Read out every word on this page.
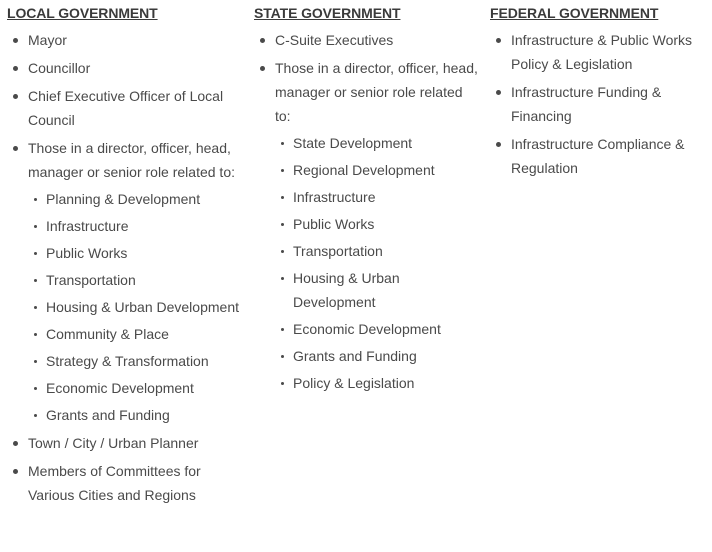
LOCAL GOVERNMENT
Mayor
Councillor
Chief Executive Officer of Local Council
Those in a director, officer, head, manager or senior role related to:
Planning & Development
Infrastructure
Public Works
Transportation
Housing & Urban Development
Community & Place
Strategy & Transformation
Economic Development
Grants and Funding
Town / City / Urban Planner
Members of Committees for Various Cities and Regions
STATE GOVERNMENT
C-Suite Executives
Those in a director, officer, head, manager or senior role related to:
State Development
Regional Development
Infrastructure
Public Works
Transportation
Housing & Urban Development
Economic Development
Grants and Funding
Policy & Legislation
FEDERAL GOVERNMENT
Infrastructure & Public Works Policy & Legislation
Infrastructure Funding & Financing
Infrastructure Compliance & Regulation
